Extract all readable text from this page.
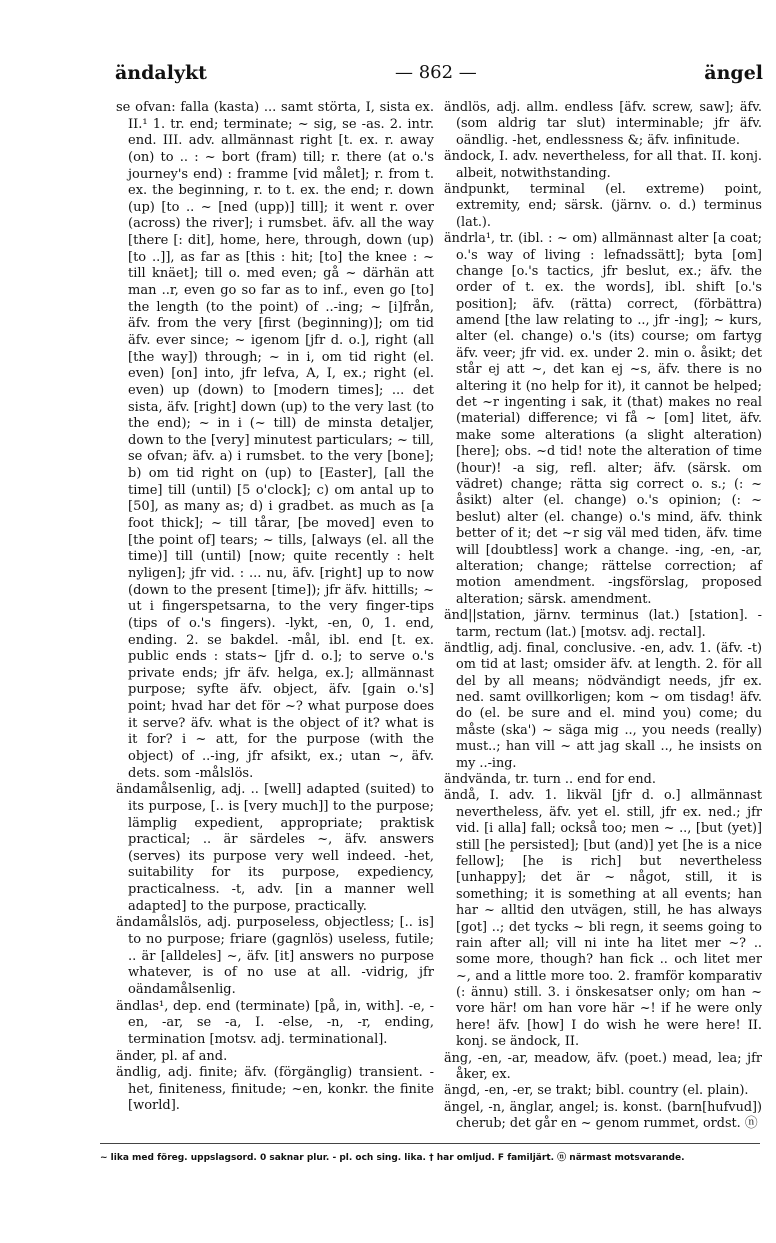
ändalykt	— 862 —	ängel

se ofvan: falla (kasta) ... samt störta, I, sista ex. II.¹ 1. tr. end; terminate; ~ sig, se -as. 2. intr. end. III. adv. allmännast right [t. ex. r. away (on) to .. : ~ bort (fram) till; r. there (at o.'s journey's end) : framme [vid målet]; r. from t. ex. the beginning, r. to t. ex. the end; r. down (up) [to .. ~ [ned (upp)] till]; it went r. over (across) the river]; i rumsbet. äfv. all the way [there [: dit], home, here, through, down (up) [to ..]], as far as [this : hit; [to] the knee : ~ till knäet]; till o. med even; gå ~ därhän att man ..r, even go so far as to inf., even go [to] the length (to the point) of ..-ing; ~ [i]från, äfv. from the very [first (beginning)]; om tid äfv. ever since; ~ igenom [jfr d. o.], right (all [the way]) through; ~ in i, om tid right (el. even) [on] into, jfr lefva, A, I, ex.; right (el. even) up (down) to [modern times]; ... det sista, äfv. [right] down (up) to the very last (to the end); ~ in i (~ till) de minsta detaljer, down to the [very] minutest particulars; ~ till, se ofvan; äfv. a) i rumsbet. to the very [bone]; b) om tid right on (up) to [Easter], [all the time] till (until) [5 o'clock]; c) om antal up to [50], as many as; d) i gradbet. as much as [a foot thick]; ~ till tårar, [be moved] even to [the point of] tears; ~ tills, [always (el. all the time)] till (until) [now; quite recently : helt nyligen]; jfr vid. : ... nu, äfv. [right] up to now (down to the present [time]); jfr äfv. hittills; ~ ut i fingerspetsarna, to the very finger-tips (tips of o.'s fingers). -lykt, -en, 0, 1. end, ending. 2. se bakdel. -mål, ibl. end [t. ex. public ends : stats~ [jfr d. o.]; to serve o.'s private ends; jfr äfv. helga, ex.]; allmännast purpose; syfte äfv. object, äfv. [gain o.'s] point; hvad har det för ~? what purpose does it serve? äfv. what is the object of it? what is it for? i ~ att, for the purpose (with the object) of ..-ing, jfr afsikt, ex.; utan ~, äfv. dets. som -målslös.

ändamålsenlig, adj. .. [well] adapted (suited) to its purpose, [.. is [very much]] to the purpose; lämplig expedient, appropriate; praktisk practical; .. är särdeles ~, äfv. answers (serves) its purpose very well indeed. -het, suitability for its purpose, expediency, practicalness. -t, adv. [in a manner well adapted] to the purpose, practically.

ändamålslös, adj. purposeless, objectless; [.. is] to no purpose; friare (gagnlös) useless, futile; .. är [alldeles] ~, äfv. [it] answers no purpose whatever, is of no use at all. -vidrig, jfr oändamålsenlig.

ändlas¹, dep. end (terminate) [på, in, with]. -e, -en, -ar, se -a, I. -else, -n, -r, ending, termination [motsv. adj. terminational].

änder, pl. af and.

ändlig, adj. finite; äfv. (förgänglig) transient. -het, finiteness, finitude; ~en, konkr. the finite [world].

ändlös, adj. allm. endless [äfv. screw, saw]; äfv. (som aldrig tar slut) interminable; jfr äfv. oändlig. -het, endlessness &; äfv. infinitude.

ändock, I. adv. nevertheless, for all that. II. konj. albeit, notwithstanding.

ändpunkt, terminal (el. extreme) point, extremity, end; särsk. (järnv. o. d.) terminus (lat.).

ändrla¹, tr. (ibl. : ~ om) allmännast alter [a coat; o.'s way of living : lefnadssätt]; byta [om] change [o.'s tactics, jfr beslut, ex.; äfv. the order of t. ex. the words], ibl. shift [o.'s position]; äfv. (rätta) correct, (förbättra) amend [the law relating to .., jfr -ing]; ~ kurs, alter (el. change) o.'s (its) course; om fartyg äfv. veer; jfr vid. ex. under 2. min o. åsikt; det står ej att ~, det kan ej ~s, äfv. there is no altering it (no help for it), it cannot be helped; det ~r ingenting i sak, it (that) makes no real (material) difference; vi få ~ [om] litet, äfv. make some alterations (a slight alteration) [here]; obs. ~d tid! note the alteration of time (hour)! -a sig, refl. alter; äfv. (särsk. om vädret) change; rätta sig correct o. s.; (: ~ åsikt) alter (el. change) o.'s opinion; (: ~ beslut) alter (el. change) o.'s mind, äfv. think better of it; det ~r sig väl med tiden, äfv. time will [doubtless] work a change. -ing, -en, -ar, alteration; change; rättelse correction; af motion amendment. -ingsförslag, proposed alteration; särsk. amendment.

änd||station, järnv. terminus (lat.) [station]. -tarm, rectum (lat.) [motsv. adj. rectal].

ändtlig, adj. final, conclusive. -en, adv. 1. (äfv. -t) om tid at last; omsider äfv. at length. 2. för all del by all means; nödvändigt needs, jfr ex. ned. samt ovillkorligen; kom ~ om tisdag! äfv. do (el. be sure and el. mind you) come; du måste (ska') ~ säga mig .., you needs (really) must..; han vill ~ att jag skall .., he insists on my ..-ing.

ändvända, tr. turn .. end for end.

ändå, I. adv. 1. likväl [jfr d. o.] allmännast nevertheless, äfv. yet el. still, jfr ex. ned.; jfr vid. [i alla] fall; också too; men ~ .., [but (yet)] still [he persisted]; [but (and)] yet [he is a nice fellow]; [he is rich] but nevertheless [unhappy]; det är ~ något, still, it is something; it is something at all events; han har ~ alltid den utvägen, still, he has always [got] ..; det tycks ~ bli regn, it seems going to rain after all; vill ni inte ha litet mer ~? .. some more, though? han fick .. och litet mer ~, and a little more too. 2. framför komparativ (: ännu) still. 3. i önskesatser only; om han ~ vore här! om han vore här ~! if he were only here! äfv. [how] I do wish he were here! II. konj. se ändock, II.

äng, -en, -ar, meadow, äfv. (poet.) mead, lea; jfr åker, ex.

ängd, -en, -er, se trakt; bibl. country (el. plain).

ängel, -n, änglar, angel; is. konst. (barn[hufvud]) cherub; det går en ~ genom rummet, ordst. ⓝ

~ lika med föreg. uppslagsord. 0 saknar plur. - pl. och sing. lika. † har omljud. F familjärt. ⓝ närmast motsvarande.
